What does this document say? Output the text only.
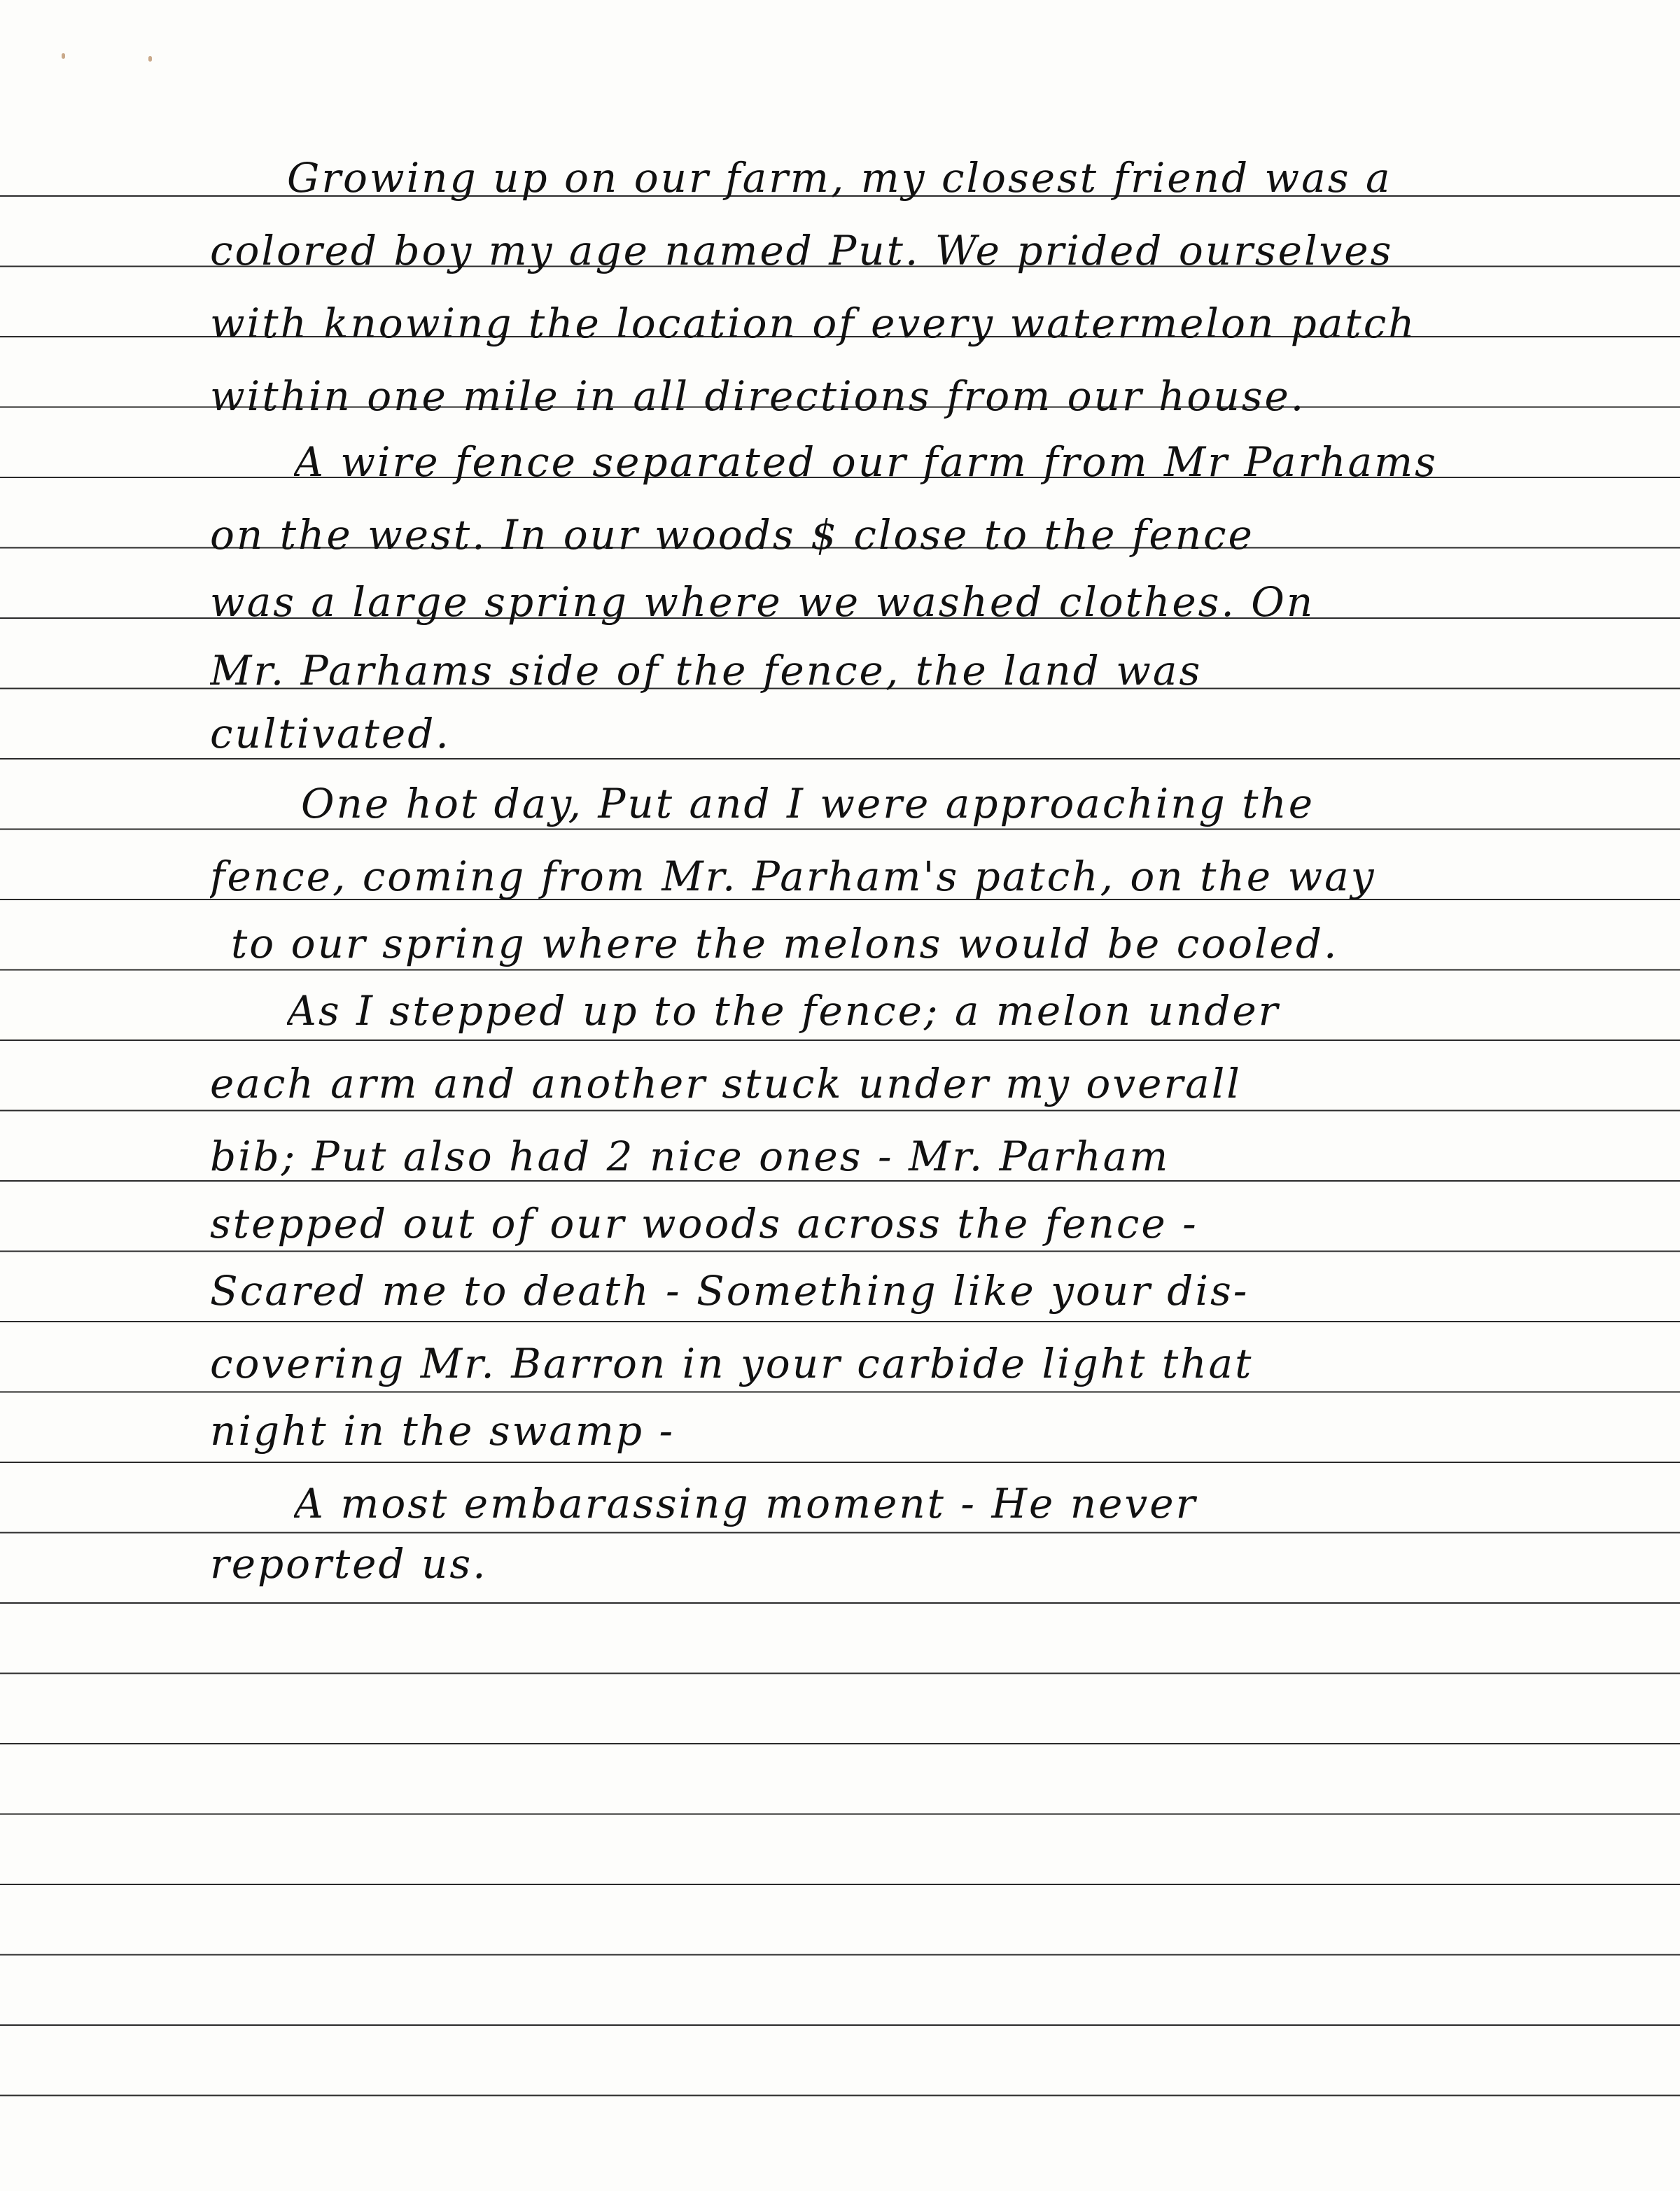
Growing up on our farm, my closest friend was a
colored boy my age named Put. We prided ourselves
with knowing the location of every watermelon patch
within one mile in all directions from our house.
A wire fence separated our farm from Mr Parhams
on the west. In our woods $ close to the fence
was a large spring where we washed clothes. On
Mr. Parhams side of the fence, the land was
cultivated.
One hot day, Put and I were approaching the
fence, coming from Mr. Parham's patch, on the way
to our spring where the melons would be cooled.
As I stepped up to the fence; a melon under
each arm and another stuck under my overall
bib; Put also had 2 nice ones - Mr. Parham
stepped out of our woods across the fence -
Scared me to death - Something like your dis-
covering Mr. Barron in your carbide light that
night in the swamp -
A most embarassing moment - He never
reported us.
